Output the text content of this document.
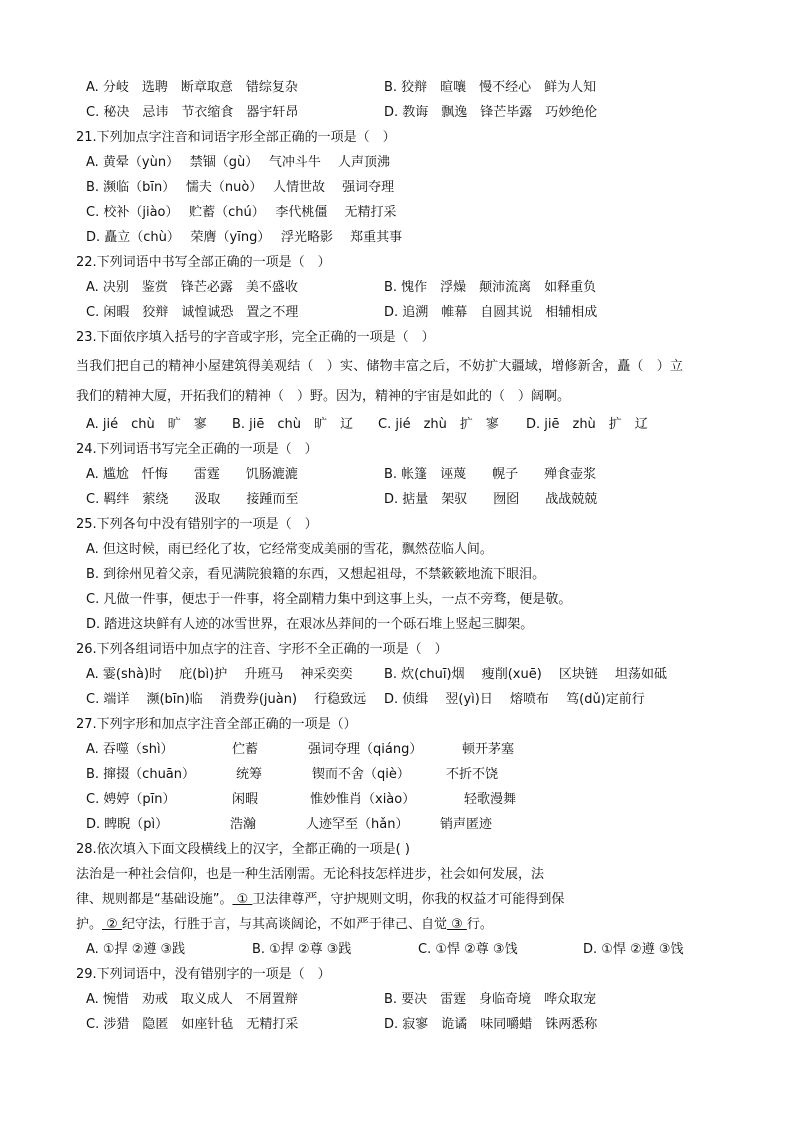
A. 分岐　选聘　断章取意　错综复杂	B. 狡辩　暄嚷　慢不经心　鲜为人知
C. 秘决　忌讳　节衣缩食　器宇轩昂	D. 教诲　飘逸　锋芒毕露　巧妙绝伦
21.下列加点字注音和词语字形全部正确的一项是（　）
A. 黄晕（yùn）　 禁锢（gù）　 气冲斗牛　 人声顶沸
B. 濒临（bīn）　 懦夫（nuò）　 人情世故　 强词夺理
C. 校补（jiào）　 贮蓄（chú）　 李代桃僵　 无精打采
D. 矗立（chù）　 荣膺（yīng）　 浮光略影　 郑重其事
22.下列词语中书写全部正确的一项是（　）
A. 决别　鉴赏　锋芒必露　美不盛收	B. 愧作　浮燥　颠沛流离　如释重负
C. 闲暇　狡辩　诚惶诚恐　置之不理	D. 追溯　帷幕　自圆其说　相辅相成
23.下面依序填入括号的字音或字形，完全正确的一项是（　）
当我们把自己的精神小屋建筑得美观结（　）实、储物丰富之后，不妨扩大疆域，增修新舍，矗（　）立
我们的精神大厦，开拓我们的精神（　）野。因为，精神的宇宙是如此的（　）阔啊。
A. jié　chù　旷　寥 B. jiē　chù　旷　辽 C. jié　zhù　扩　寥 D. jiē　zhù　扩　辽
24.下列词语书写完全正确的一项是（　）
A. 尴尬　忏悔　　雷霆　　饥肠漉漉	B. 帐篷　诬蔑　　幌子　　殚食壶浆
C. 羁绊　萦绕　　汲取　　接踵而至	D. 掂量　架驭　　囫囵　　战战兢兢
25.下列各句中没有错别字的一项是（　）
A. 但这时候，雨已经化了妆，它经常变成美丽的雪花，飘然莅临人间。
B. 到徐州见着父亲，看见满院狼籍的东西，又想起祖母，不禁簌簌地流下眼泪。
C. 凡做一件事，便忠于一件事，将全副精力集中到这事上头，一点不旁骛，便是敬。
D. 踏进这块鲜有人迹的冰雪世界，在艰冰丛莽间的一个砾石堆上竖起三脚架。
26.下列各组词语中加点字的注音、字形不全正确的一项是（　）
A. 霎(shà)时　 庇(bì)护　 升班马　 神采奕奕 B. 炊(chuī)烟　 瘦削(xuē)　 区块链　 坦荡如砥
C. 端详　 濒(bīn)临　 消费券(juàn)　 行稳致远 D. 侦缉　 翌(yì)日　 熔喷布　 笃(dǔ)定前行
27.下列字形和加点字注音全部正确的一项是（）
A. 吞噬（shì）	伫蓄	强词夺理（qiáng）	顿开茅塞
B. 撺掇（chuān）	统筹	锲而不舍（qiè）	不折不饶
C. 娉婷（pīn）	闲暇	惟妙惟肖（xiào）	轻歌漫舞
D. 睥睨（pì）	浩瀚	人迹罕至（hǎn） 销声匿迹
28.依次填入下面文段横线上的汉字，全都正确的一项是( )
法治是一种社会信仰，也是一种生活刚需。无论科技怎样进步，社会如何发展，法
律、规则都是“基础设施”。 ① 卫法律尊严，守护规则文明，你我的权益才可能得到保
护。 ② 纪守法，行胜于言，与其高谈阔论，不如严于律己、自觉 ③ 行。
A. ①捍 ②遵 ③践	B. ①捍 ②尊 ③践	C. ①悍 ②尊 ③饯	D. ①悍 ②遵 ③饯
29.下列词语中，没有错别字的一项是（　）
A. 惋惜　劝戒　取义成人　不屑置辩	B. 要决　雷霆　身临奇境　哗众取宠
C. 涉猎　隐匿　如座针毡　无精打采	D. 寂寥　诡谲　味同嚼蜡　铢两悉称
